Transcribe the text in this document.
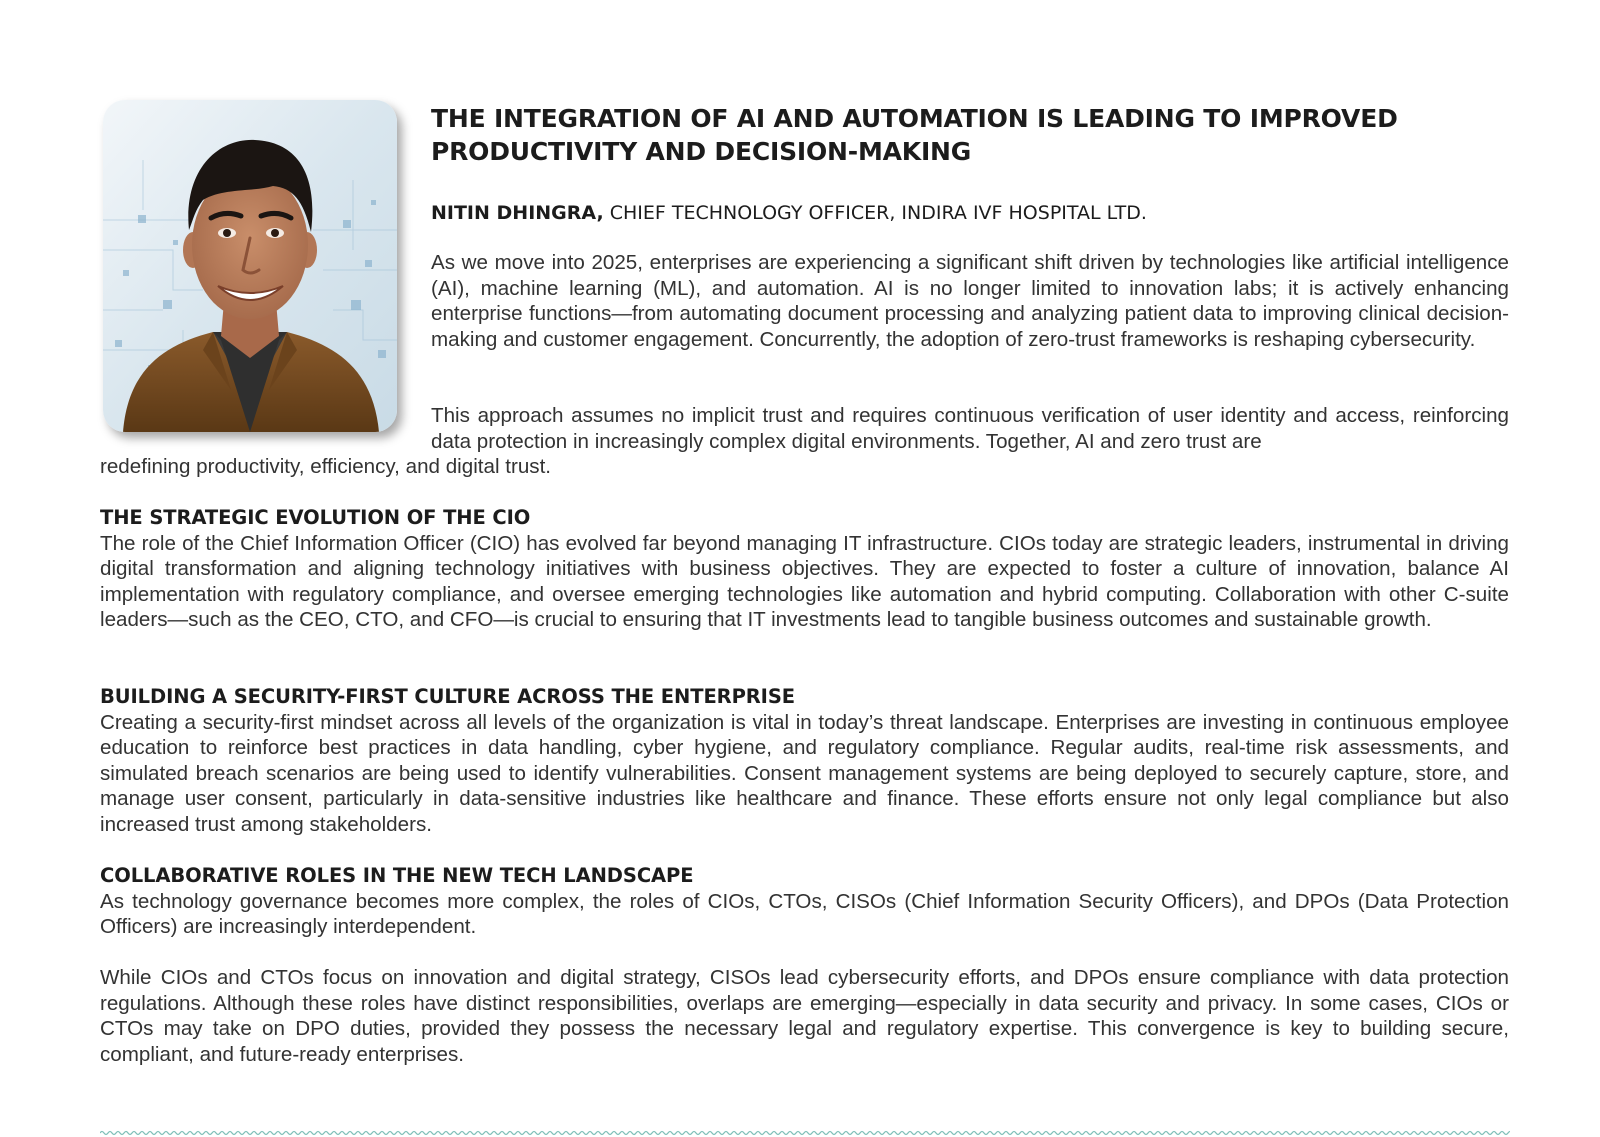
THE INTEGRATION OF AI AND AUTOMATION IS LEADING TO IMPROVED PRODUCTIVITY AND DECISION-MAKING

NITIN DHINGRA, CHIEF TECHNOLOGY OFFICER, INDIRA IVF HOSPITAL LTD.

As we move into 2025, enterprises are experiencing a significant shift driven by technologies like artificial intelligence (AI), machine learning (ML), and automation. AI is no longer limited to innovation labs; it is actively enhancing enterprise functions—from automating document processing and analyzing patient data to improving clinical decision-making and customer engagement. Concurrently, the adoption of zero-trust frameworks is reshaping cybersecurity.

This approach assumes no implicit trust and requires continuous verification of user identity and access, reinforcing data protection in increasingly complex digital environments. Together, AI and zero trust are

redefining productivity, efficiency, and digital trust.

THE STRATEGIC EVOLUTION OF THE CIO

The role of the Chief Information Officer (CIO) has evolved far beyond managing IT infrastructure. CIOs today are strategic leaders, instrumental in driving digital transformation and aligning technology initiatives with business objectives. They are expected to foster a culture of innovation, balance AI implementation with regulatory compliance, and oversee emerging technologies like automation and hybrid computing. Collaboration with other C-suite leaders—such as the CEO, CTO, and CFO—is crucial to ensuring that IT investments lead to tangible business outcomes and sustainable growth.

BUILDING A SECURITY-FIRST CULTURE ACROSS THE ENTERPRISE

Creating a security-first mindset across all levels of the organization is vital in today’s threat landscape. Enterprises are investing in continuous employee education to reinforce best practices in data handling, cyber hygiene, and regulatory compliance. Regular audits, real-time risk assessments, and simulated breach scenarios are being used to identify vulnerabilities. Consent management systems are being deployed to securely capture, store, and manage user consent, particularly in data-sensitive industries like healthcare and finance. These efforts ensure not only legal compliance but also increased trust among stakeholders.

COLLABORATIVE ROLES IN THE NEW TECH LANDSCAPE

As technology governance becomes more complex, the roles of CIOs, CTOs, CISOs (Chief Information Security Officers), and DPOs (Data Protection Officers) are increasingly interdependent.

While CIOs and CTOs focus on innovation and digital strategy, CISOs lead cybersecurity efforts, and DPOs ensure compliance with data protection regulations. Although these roles have distinct responsibilities, overlaps are emerging—especially in data security and privacy. In some cases, CIOs or CTOs may take on DPO duties, provided they possess the necessary legal and regulatory expertise. This convergence is key to building secure, compliant, and future-ready enterprises.
